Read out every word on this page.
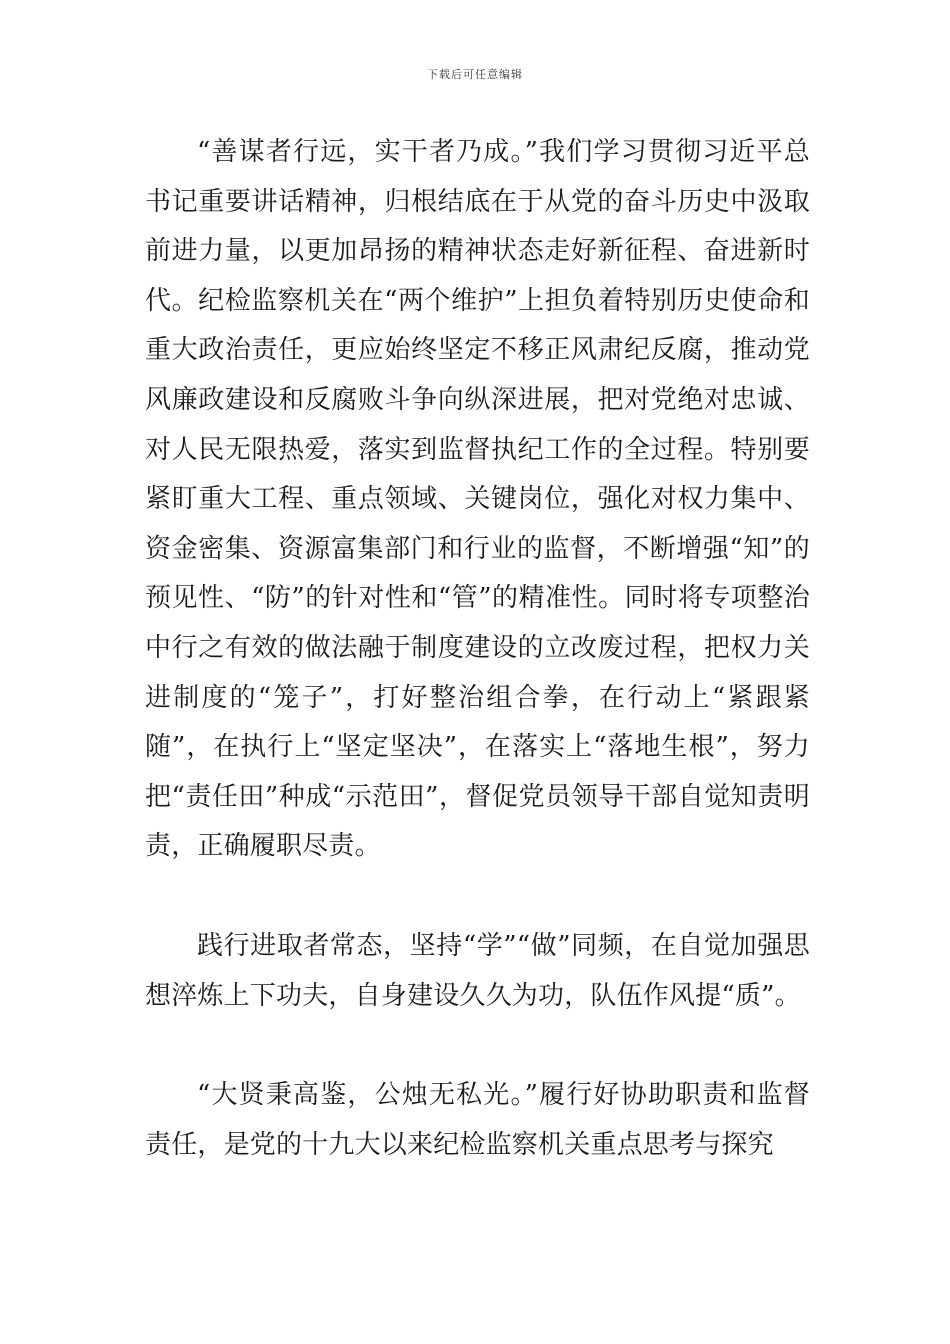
下载后可任意编辑

“善谋者行远，实干者乃成。”我们学习贯彻习近平总书记重要讲话精神，归根结底在于从党的奋斗历史中汲取前进力量，以更加昂扬的精神状态走好新征程、奋进新时代。纪检监察机关在“两个维护”上担负着特别历史使命和重大政治责任，更应始终坚定不移正风肃纪反腐，推动党风廉政建设和反腐败斗争向纵深进展，把对党绝对忠诚、对人民无限热爱，落实到监督执纪工作的全过程。特别要紧盯重大工程、重点领域、关键岗位，强化对权力集中、资金密集、资源富集部门和行业的监督，不断增强“知”的预见性、“防”的针对性和“管”的精准性。同时将专项整治中行之有效的做法融于制度建设的立改废过程，把权力关进制度的“笼子”，打好整治组合拳，在行动上“紧跟紧随”，在执行上“坚定坚决”，在落实上“落地生根”，努力把“责任田”种成“示范田”，督促党员领导干部自觉知责明责，正确履职尽责。

践行进取者常态，坚持“学”“做”同频，在自觉加强思想淬炼上下功夫，自身建设久久为功，队伍作风提“质”。

“大贤秉高鉴，公烛无私光。”履行好协助职责和监督责任，是党的十九大以来纪检监察机关重点思考与探究
